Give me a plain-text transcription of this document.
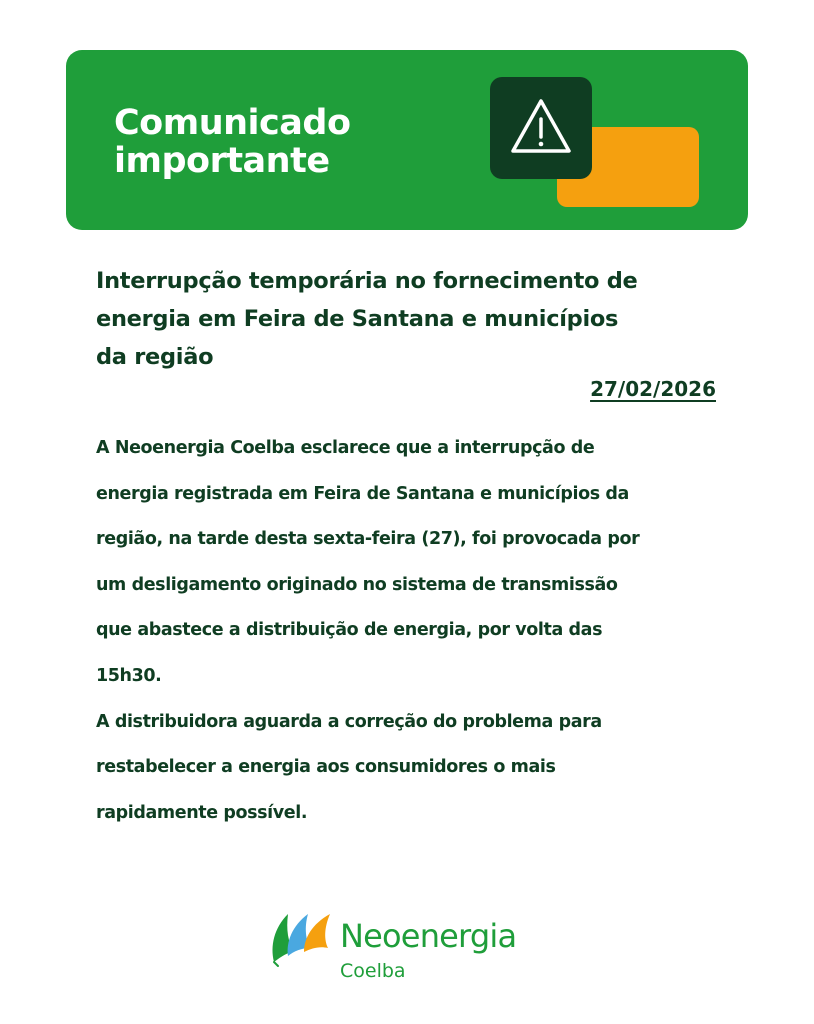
Comunicado
importante
Interrupção temporária no fornecimento de
energia em Feira de Santana e municípios
da região
27/02/2026
A Neoenergia Coelba esclarece que a interrupção de
energia registrada em Feira de Santana e municípios da
região, na tarde desta sexta-feira (27), foi provocada por
um desligamento originado no sistema de transmissão
que abastece a distribuição de energia, por volta das
15h30.
A distribuidora aguarda a correção do problema para
restabelecer a energia aos consumidores o mais
rapidamente possível.
Neoenergia
Coelba
